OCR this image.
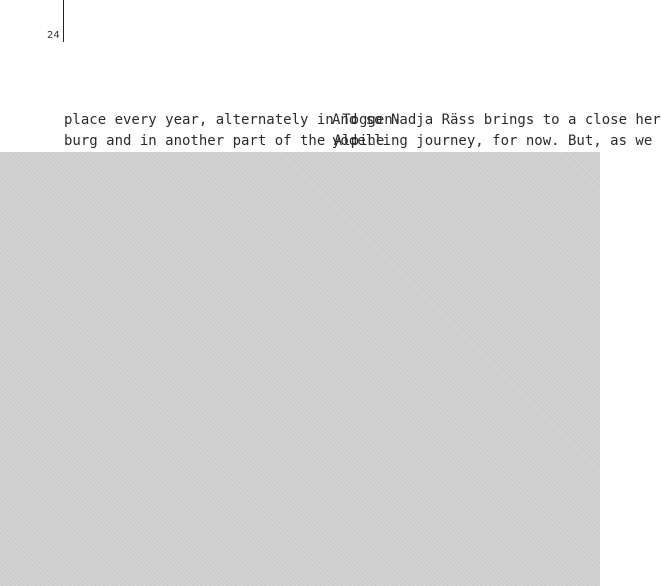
24
place every year, alternately in Toggen-
burg and in another part of the Alpine
And so Nadja Räss brings to a close her
yodelling journey, for now. But, as we
